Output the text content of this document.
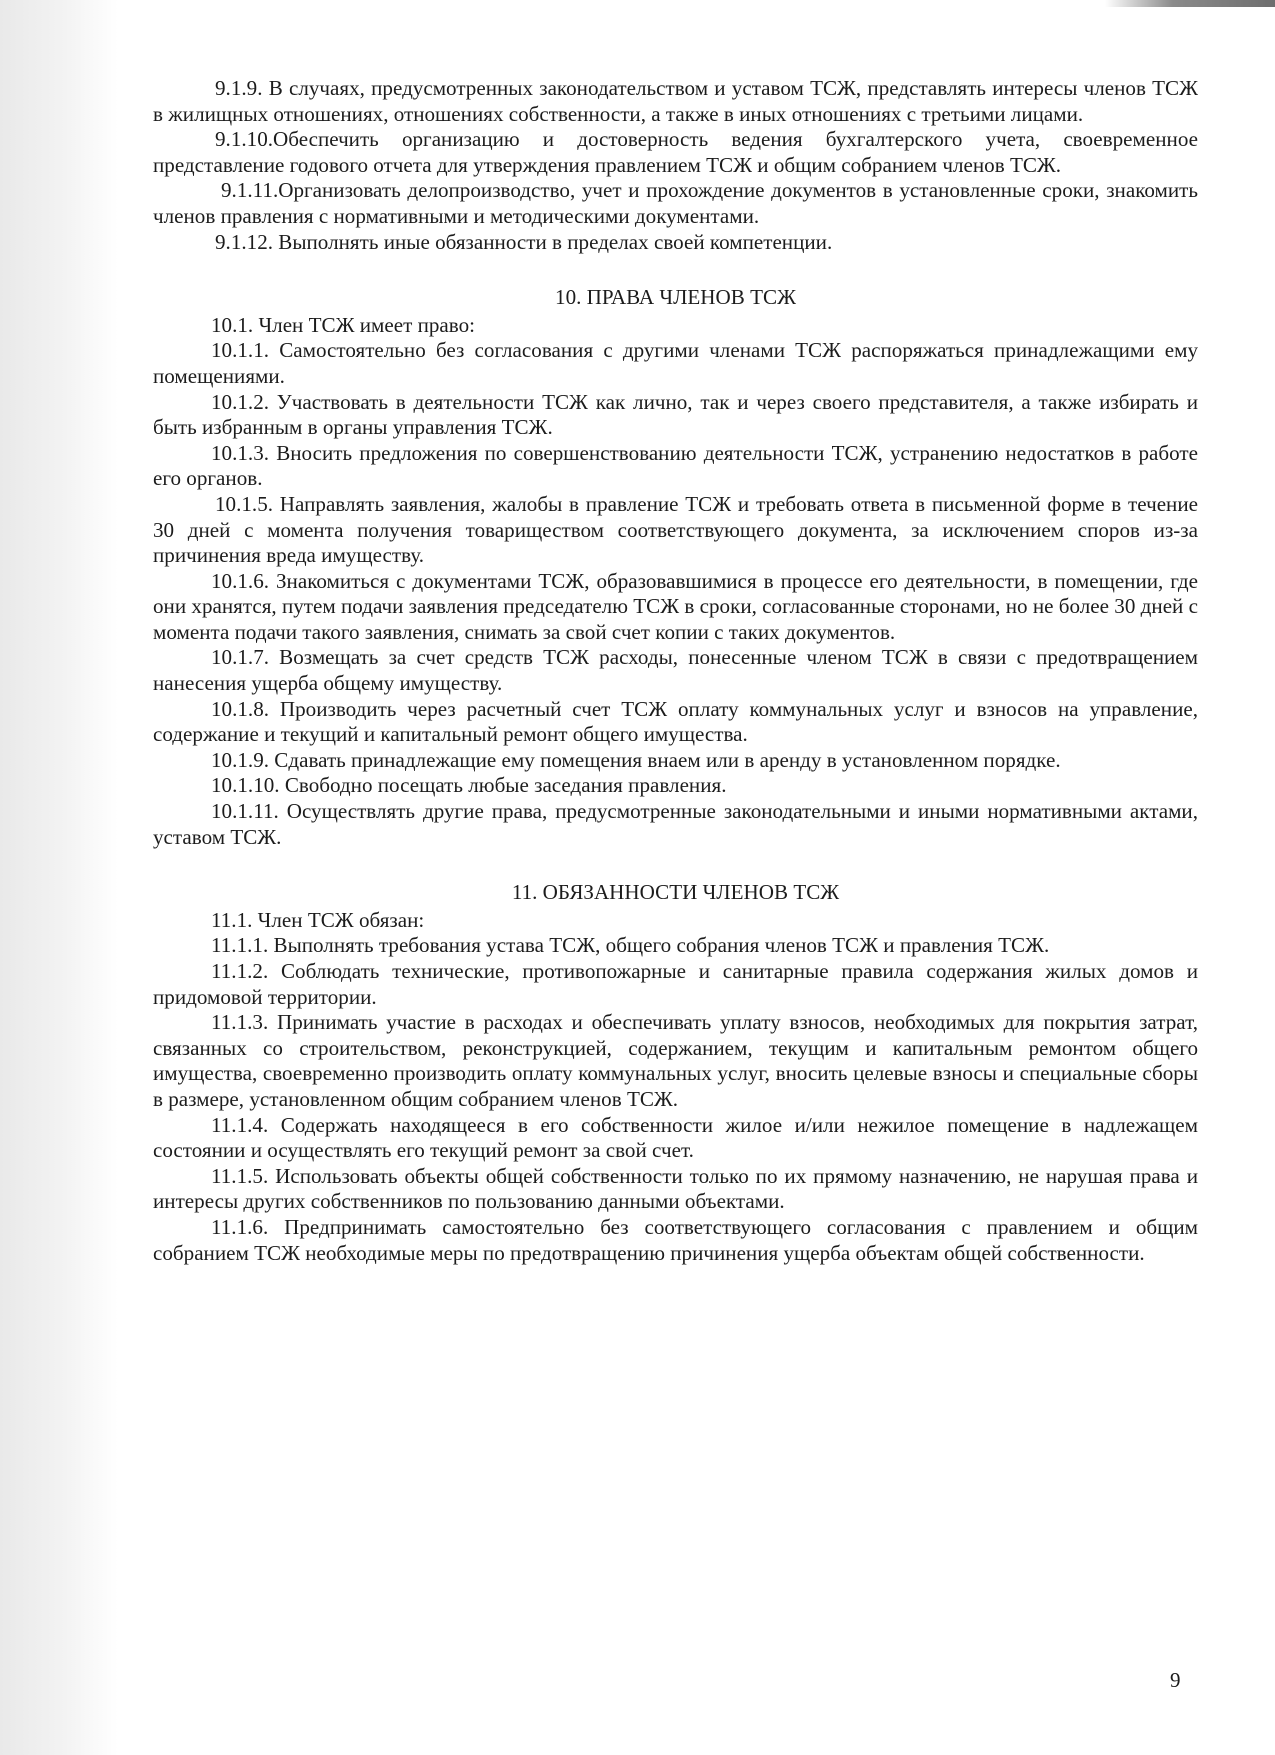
9.1.9. В случаях, предусмотренных законодательством и уставом ТСЖ, представлять интересы членов ТСЖ в жилищных отношениях, отношениях собственности, а также в иных отношениях с третьими лицами.

9.1.10.Обеспечить организацию и достоверность ведения бухгалтерского учета, своевременное представление годового отчета для утверждения правлением ТСЖ и общим собранием членов ТСЖ.

9.1.11.Организовать делопроизводство, учет и прохождение документов в установленные сроки, знакомить членов правления с нормативными и методическими документами.

9.1.12. Выполнять иные обязанности в пределах своей компетенции.

10. ПРАВА ЧЛЕНОВ ТСЖ

10.1. Член ТСЖ имеет право:

10.1.1. Самостоятельно без согласования с другими членами ТСЖ распоряжаться принадлежащими ему помещениями.

10.1.2. Участвовать в деятельности ТСЖ как лично, так и через своего представителя, а также избирать и быть избранным в органы управления ТСЖ.

10.1.3. Вносить предложения по совершенствованию деятельности ТСЖ, устранению недостатков в работе его органов.

10.1.5. Направлять заявления, жалобы в правление ТСЖ и требовать ответа в письменной форме в течение 30 дней с момента получения товариществом соответствующего документа, за исключением споров из-за причинения вреда имуществу.

10.1.6. Знакомиться с документами ТСЖ, образовавшимися в процессе его деятельности, в помещении, где они хранятся, путем подачи заявления председателю ТСЖ в сроки, согласованные сторонами, но не более 30 дней с момента подачи такого заявления, снимать за свой счет копии с таких документов.

10.1.7. Возмещать за счет средств ТСЖ расходы, понесенные членом ТСЖ в связи с предотвращением нанесения ущерба общему имуществу.

10.1.8. Производить через расчетный счет ТСЖ оплату коммунальных услуг и взносов на управление, содержание и текущий и капитальный ремонт общего имущества.

10.1.9. Сдавать принадлежащие ему помещения внаем или в аренду в установленном порядке.

10.1.10. Свободно посещать любые заседания правления.

10.1.11. Осуществлять другие права, предусмотренные законодательными и иными нормативными актами, уставом ТСЖ.

11. ОБЯЗАННОСТИ ЧЛЕНОВ ТСЖ

11.1. Член ТСЖ обязан:

11.1.1. Выполнять требования устава ТСЖ, общего собрания членов ТСЖ и правления ТСЖ.

11.1.2. Соблюдать технические, противопожарные и санитарные правила содержания жилых домов и придомовой территории.

11.1.3. Принимать участие в расходах и обеспечивать уплату взносов, необходимых для покрытия затрат, связанных со строительством, реконструкцией, содержанием, текущим и капитальным ремонтом общего имущества, своевременно производить оплату коммунальных услуг, вносить целевые взносы и специальные сборы в размере, установленном общим собранием членов ТСЖ.

11.1.4. Содержать находящееся в его собственности жилое и/или нежилое помещение в надлежащем состоянии и осуществлять его текущий ремонт за свой счет.

11.1.5. Использовать объекты общей собственности только по их прямому назначению, не нарушая права и интересы других собственников по пользованию данными объектами.

11.1.6. Предпринимать самостоятельно без соответствующего согласования с правлением и общим собранием ТСЖ необходимые меры по предотвращению причинения ущерба объектам общей собственности.

9
